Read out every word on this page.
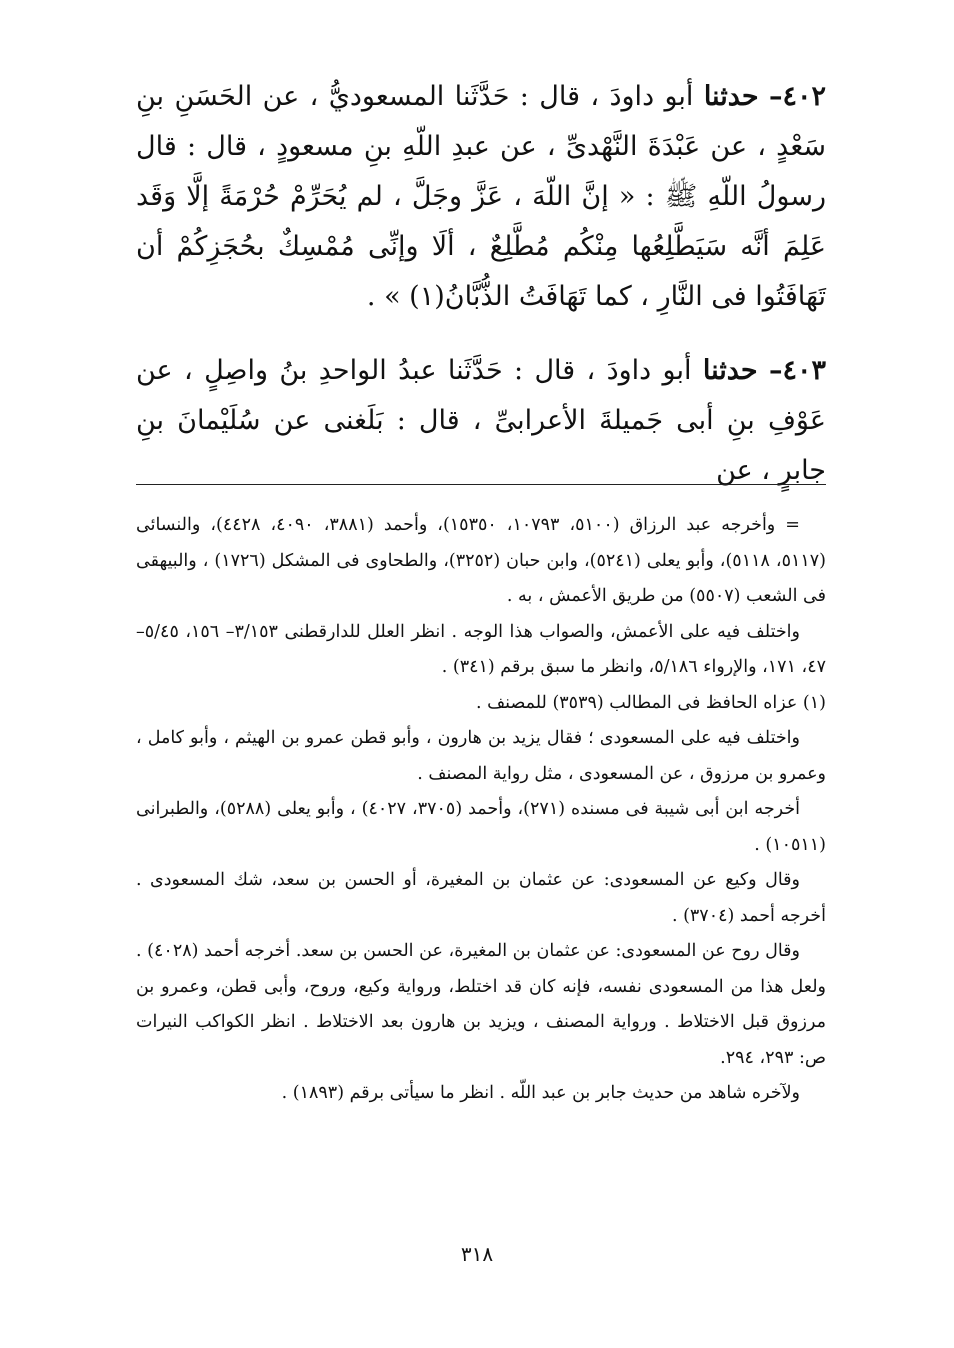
٤٠٢– حدثنا أبو داودَ ، قال : حَدَّثَنا المسعوديُّ ، عن الحَسَنِ بنِ سَعْدٍ ، عن عَبْدَةَ النَّهْدىِّ ، عن عبدِ اللّهِ بنِ مسعودٍ ، قال : قال رسولُ اللّهِ ﷺ : « إنَّ اللّهَ ، عَزَّ وجَلَّ ، لم يُحَرِّمْ حُرْمَةً إلَّا وَقَد عَلِمَ أنَّه سَيَطَّلِعُها مِنْكُم مُطَّلِعٌ ، ألَا وإنِّى مُمْسِكٌ بحُجَزِكُمْ أن تَهَافَتُوا فى النَّارِ ، كما تَهَافَتُ الذُّبَّانُ(١) » .

٤٠٣– حدثنا أبو داودَ ، قال : حَدَّثَنا عبدُ الواحدِ بنُ واصِلٍ ، عن عَوْفِ بنِ أبى جَميلةَ الأعرابىِّ ، قال : بَلَغنى عن سُلَيْمانَ بنِ جابرٍ ، عن

= وأخرجه عبد الرزاق (٥١٠٠، ١٠٧٩٣، ١٥٣٥٠)، وأحمد (٣٨٨١، ٤٠٩٠، ٤٤٢٨)، والنسائى (٥١١٧، ٥١١٨)، وأبو يعلى (٥٢٤١)، وابن حبان (٣٢٥٢)، والطحاوى فى المشكل (١٧٢٦) ، والبيهقى فى الشعب (٥٥٠٧) من طريق الأعمش ، به .

واختلف فيه على الأعمش، والصواب هذا الوجه . انظر العلل للدارقطنى ٣/١٥٣– ١٥٦، ٥/٤٥– ٤٧، ١٧١، والإرواء ٥/١٨٦، وانظر ما سبق برقم (٣٤١) .

(١) عزاه الحافظ فى المطالب (٣٥٣٩) للمصنف .

واختلف فيه على المسعودى ؛ فقال يزيد بن هارون ، وأبو قطن عمرو بن الهيثم ، وأبو كامل ، وعمرو بن مرزوق ، عن المسعودى ، مثل رواية المصنف .

أخرجه ابن أبى شيبة فى مسنده (٢٧١)، وأحمد (٣٧٠٥، ٤٠٢٧) ، وأبو يعلى (٥٢٨٨)، والطبرانى (١٠٥١١) .

وقال وكيع عن المسعودى: عن عثمان بن المغيرة، أو الحسن بن سعد، شك المسعودى . أخرجه أحمد (٣٧٠٤) .

وقال روح عن المسعودى: عن عثمان بن المغيرة، عن الحسن بن سعد. أخرجه أحمد (٤٠٢٨) . ولعل هذا من المسعودى نفسه، فإنه كان قد اختلط، ورواية وكيع، وروح، وأبى قطن، وعمرو بن مرزوق قبل الاختلاط . ورواية المصنف ، ويزيد بن هارون بعد الاختلاط . انظر الكواكب النيرات ص: ٢٩٣، ٢٩٤.

ولآخره شاهد من حديث جابر بن عبد اللّه . انظر ما سيأتى برقم (١٨٩٣) .

٣١٨
